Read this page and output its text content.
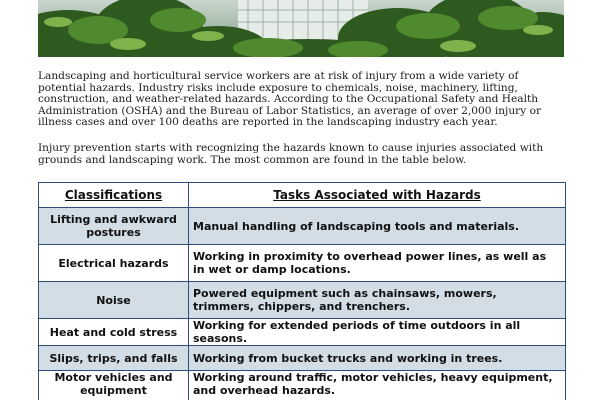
Landscaping and horticultural service workers are at risk of injury from a wide variety of potential hazards. Industry risks include exposure to chemicals, noise, machinery, lifting, construction, and weather-related hazards. According to the Occupational Safety and Health Administration (OSHA) and the Bureau of Labor Statistics, an average of over 2,000 injury or illness cases and over 100 deaths are reported in the landscaping industry each year.

Injury prevention starts with recognizing the hazards known to cause injuries associated with grounds and landscaping work. The most common are found in the table below.

Classifications	Tasks Associated with Hazards
Lifting and awkward postures	Manual handling of landscaping tools and materials.
Electrical hazards	Working in proximity to overhead power lines, as well as in wet or damp locations.
Noise	Powered equipment such as chainsaws, mowers, trimmers, chippers, and trenchers.
Heat and cold stress	Working for extended periods of time outdoors in all seasons.
Slips, trips, and falls	Working from bucket trucks and working in trees.
Motor vehicles and equipment	Working around traffic, motor vehicles, heavy equipment, and overhead hazards.
